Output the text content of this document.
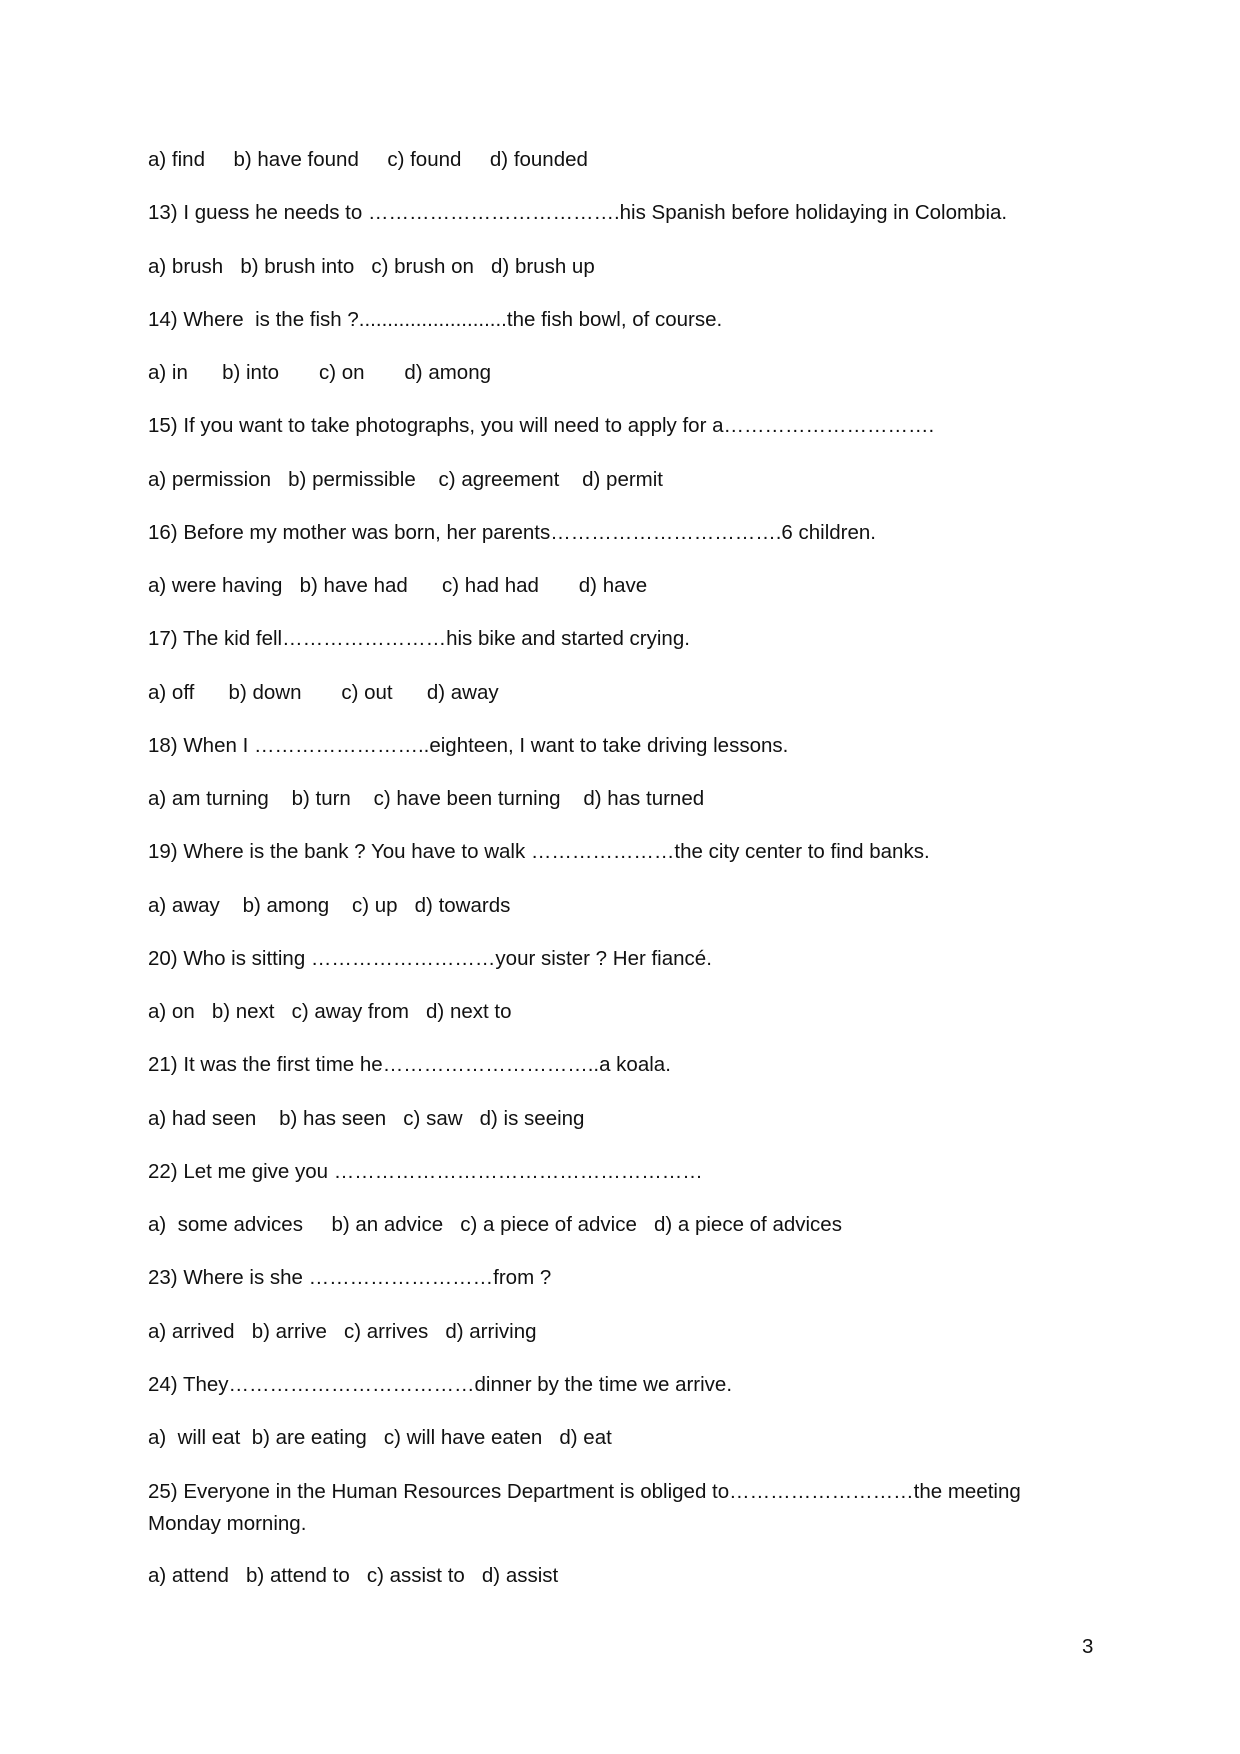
a) find b) have found c) found d) founded
13) I guess he needs to ……………………………….his Spanish before holidaying in Colombia.
a) brush b) brush into c) brush on d) brush up
14) Where  is the fish ?..........................the fish bowl, of course.
a) in b) into c) on d) among
15) If you want to take photographs, you will need to apply for a………………………….
a) permission b) permissible c) agreement d) permit
16) Before my mother was born, her parents…………………………….6 children.
a) were having b) have had c) had had d) have
17) The kid fell……………………his bike and started crying.
a) off b) down c) out d) away
18) When I ……………………..eighteen, I want to take driving lessons.
a) am turning b) turn c) have been turning d) has turned
19) Where is the bank ? You have to walk …………………the city center to find banks.
a) away b) among c) up d) towards
20) Who is sitting ………………………your sister ? Her fiancé.
a) on b) next c) away from d) next to
21) It was the first time he…………………………..a koala.
a) had seen b) has seen c) saw d) is seeing
22) Let me give you ………………………………………………
a)  some advices b) an advice c) a piece of advice d) a piece of advices
23) Where is she ………………………from ?
a) arrived b) arrive c) arrives d) arriving
24) They………………………………dinner by the time we arrive.
a)  will eat b) are eating c) will have eaten d) eat
25) Everyone in the Human Resources Department is obliged to………………………the meeting Monday morning.
a) attend b) attend to c) assist to d) assist
3
